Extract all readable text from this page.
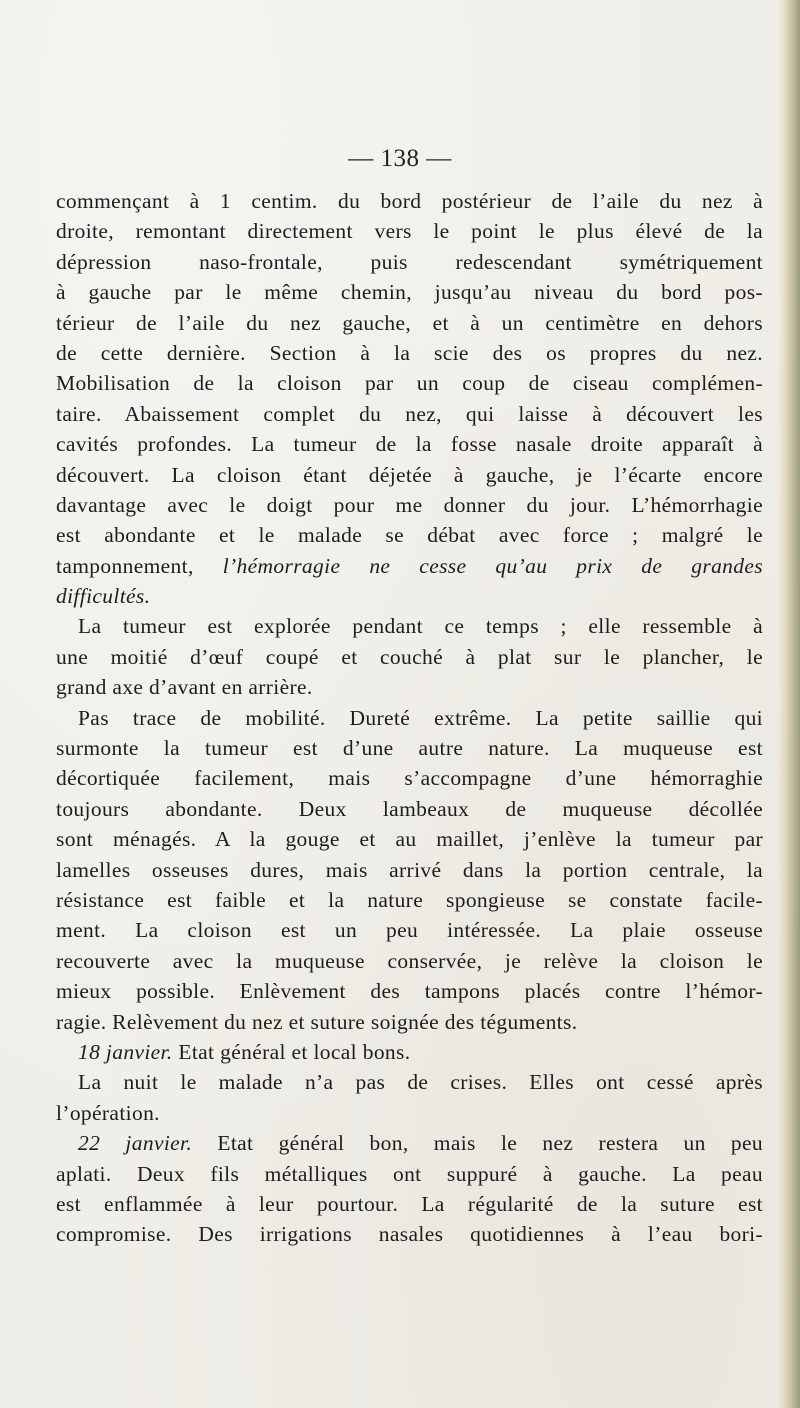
— 138 —
commençant à 1 centim. du bord postérieur de l’aile du nez à
droite, remontant directement vers le point le plus élevé de la
dépression naso-frontale, puis redescendant symétriquement
à gauche par le même chemin, jusqu’au niveau du bord pos-
térieur de l’aile du nez gauche, et à un centimètre en dehors
de cette dernière. Section à la scie des os propres du nez.
Mobilisation de la cloison par un coup de ciseau complémen-
taire. Abaissement complet du nez, qui laisse à découvert les
cavités profondes. La tumeur de la fosse nasale droite apparaît à
découvert. La cloison étant déjetée à gauche, je l’écarte encore
davantage avec le doigt pour me donner du jour. L’hémorrhagie
est abondante et le malade se débat avec force ; malgré le
tamponnement, l’hémorragie ne cesse qu’au prix de grandes
difficultés.
La tumeur est explorée pendant ce temps ; elle ressemble à
une moitié d’œuf coupé et couché à plat sur le plancher, le
grand axe d’avant en arrière.
Pas trace de mobilité. Dureté extrême. La petite saillie qui
surmonte la tumeur est d’une autre nature. La muqueuse est
décortiquée facilement, mais s’accompagne d’une hémorraghie
toujours abondante. Deux lambeaux de muqueuse décollée
sont ménagés. A la gouge et au maillet, j’enlève la tumeur par
lamelles osseuses dures, mais arrivé dans la portion centrale, la
résistance est faible et la nature spongieuse se constate facile-
ment. La cloison est un peu intéressée. La plaie osseuse
recouverte avec la muqueuse conservée, je relève la cloison le
mieux possible. Enlèvement des tampons placés contre l’hémor-
ragie. Relèvement du nez et suture soignée des téguments.
18 janvier. Etat général et local bons.
La nuit le malade n’a pas de crises. Elles ont cessé après
l’opération.
22 janvier. Etat général bon, mais le nez restera un peu
aplati. Deux fils métalliques ont suppuré à gauche. La peau
est enflammée à leur pourtour. La régularité de la suture est
compromise. Des irrigations nasales quotidiennes à l’eau bori-
